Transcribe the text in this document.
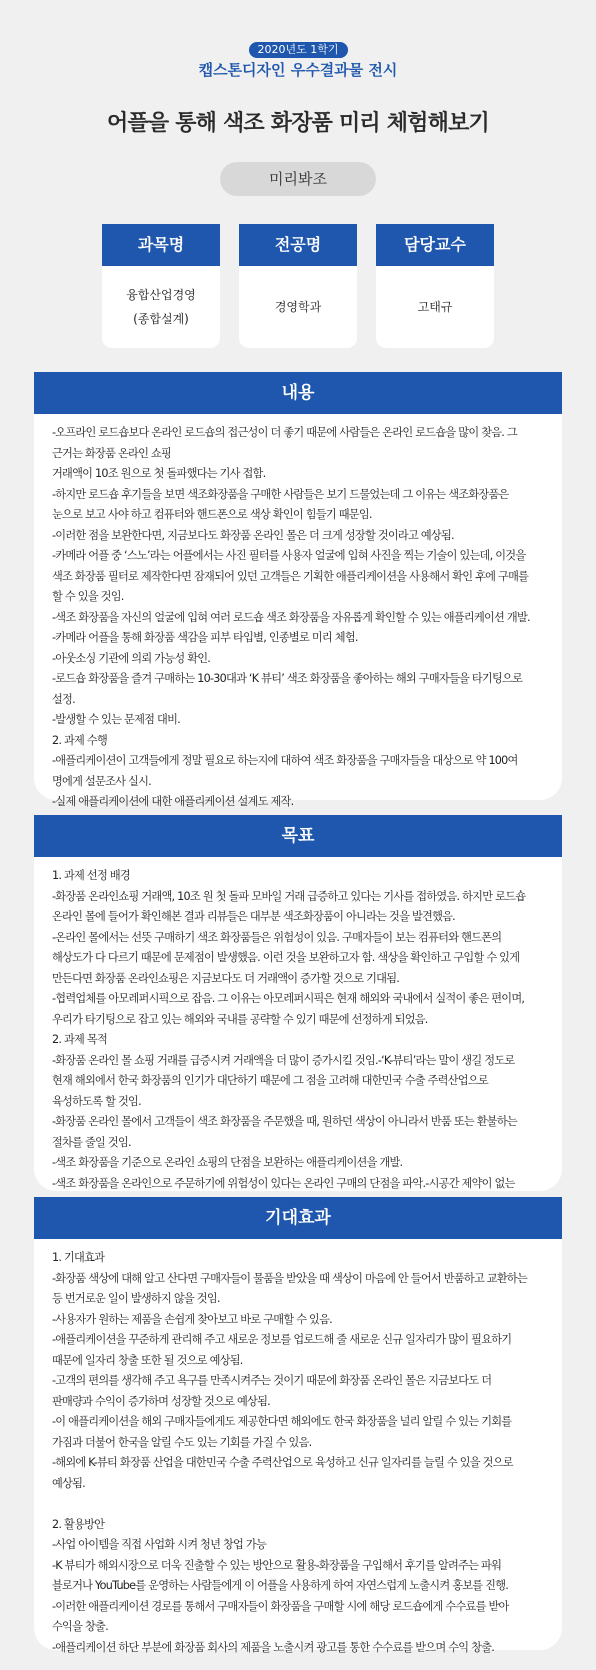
2020년도 1학기
캡스톤디자인 우수결과물 전시
어플을 통해 색조 화장품 미리 체험해보기
미리봐조
과목명
융합산업경영
(종합설계)
전공명
경영학과
담당교수
고태규
내용

-오프라인 로드숍보다 온라인 로드숍의 접근성이 더 좋기 때문에 사람들은 온라인 로드숍을 많이 찾음. 그

근거는 화장품 온라인 쇼핑

거래액이 10조 원으로 첫 돌파했다는 기사 접함.

-하지만 로드숍 후기들을 보면 색조화장품을 구매한 사람들은 보기 드물었는데 그 이유는 색조화장품은

눈으로 보고 사야 하고 컴퓨터와 핸드폰으로 색상 확인이 힘들기 때문임.

-이러한 점을 보완한다면, 지금보다도 화장품 온라인 몰은 더 크게 성장할 것이라고 예상됨.

-카메라 어플 중 ‘스노’라는 어플에서는 사진 필터를 사용자 얼굴에 입혀 사진을 찍는 기술이 있는데, 이것을

색조 화장품 필터로 제작한다면 잠재되어 있던 고객들은 기획한 애플리케이션을 사용해서 확인 후에 구매를

할 수 있을 것임.

-색조 화장품을 자신의 얼굴에 입혀 여러 로드숍 색조 화장품을 자유롭게 확인할 수 있는 애플리케이션 개발.

-카메라 어플을 통해 화장품 색감을 피부 타입별, 인종별로 미리 체험.

-아웃소싱 기관에 의뢰 가능성 확인.

-로드숍 화장품을 즐겨 구매하는 10-30대과 ‘K 뷰티’ 색조 화장품을 좋아하는 해외 구매자들을 타기팅으로

설정.

-발생할 수 있는 문제점 대비.

2. 과제 수행

-애플리케이션이 고객들에게 정말 필요로 하는지에 대하여 색조 화장품을 구매자들을 대상으로 약 100여

명에게 설문조사 실시.

-실제 애플리케이션에 대한 애플리케이션 설계도 제작.

목표

1. 과제 선정 배경

-화장품 온라인쇼핑 거래액, 10조 원 첫 돌파 모바일 거래 급증하고 있다는 기사를 접하였음. 하지만 로드숍

온라인 몰에 들어가 확인해본 결과 리뷰들은 대부분 색조화장품이 아니라는 것을 발견했음.

-온라인 몰에서는 선뜻 구매하기 색조 화장품들은 위험성이 있음. 구매자들이 보는 컴퓨터와 핸드폰의

해상도가 다 다르기 때문에 문제점이 발생했음. 이런 것을 보완하고자 함. 색상을 확인하고 구입할 수 있게

만든다면 화장품 온라인쇼핑은 지금보다도 더 거래액이 증가할 것으로 기대됨.

-협력업체를 아모레퍼시픽으로 잡음. 그 이유는 아모레퍼시픽은 현재 해외와 국내에서 실적이 좋은 편이며,

우리가 타기팅으로 잡고 있는 해외와 국내를 공략할 수 있기 때문에 선정하게 되었음.

2. 과제 목적

-화장품 온라인 몰 쇼핑 거래를 급증시켜 거래액을 더 많이 증가시킬 것임.-‘K-뷰티’라는 말이 생길 정도로

현재 해외에서 한국 화장품의 인기가 대단하기 때문에 그 점을 고려해 대한민국 수출 주력산업으로

육성하도록 할 것임.

-화장품 온라인 몰에서 고객들이 색조 화장품을 주문했을 때, 원하던 색상이 아니라서 반품 또는 환불하는

절차를 줄일 것임.

-색조 화장품을 기준으로 온라인 쇼핑의 단점을 보완하는 애플리케이션을 개발.

-색조 화장품을 온라인으로 주문하기에 위험성이 있다는 온라인 구매의 단점을 파악.-시공간 제약이 없는

기대효과

1. 기대효과

-화장품 색상에 대해 알고 산다면 구매자들이 물품을 받았을 때 색상이 마음에 안 들어서 반품하고 교환하는

등 번거로운 일이 발생하지 않을 것임.

-사용자가 원하는 제품을 손쉽게 찾아보고 바로 구매할 수 있음.

-애플리케이션을 꾸준하게 관리해 주고 새로운 정보를 업로드해 줄 새로운 신규 일자리가 많이 필요하기

때문에 일자리 창출 또한 될 것으로 예상됨.

-고객의 편의를 생각해 주고 욕구를 만족시켜주는 것이기 때문에 화장품 온라인 몰은 지금보다도 더

판매량과 수익이 증가하며 성장할 것으로 예상됨.

-이 애플리케이션을 해외 구매자들에게도 제공한다면 해외에도 한국 화장품을 널리 알릴 수 있는 기회를

가짐과 더불어 한국을 알릴 수도 있는 기회를 가질 수 있음.

-해외에 K-뷰티 화장품 산업을 대한민국 수출 주력산업으로 육성하고 신규 일자리를 늘릴 수 있을 것으로

예상됨.

2. 활용방안

-사업 아이템을 직접 사업화 시켜 청년 창업 가능

-K 뷰티가 해외시장으로 더욱 진출할 수 있는 방안으로 활용-화장품을 구입해서 후기를 알려주는 파워

블로거나 YouTube를 운영하는 사람들에게 이 어플을 사용하게 하여 자연스럽게 노출시켜 홍보를 진행.

-이러한 애플리케이션 경로를 통해서 구매자들이 화장품을 구매할 시에 해당 로드숍에게 수수료를 받아

수익을 창출.

-애플리케이션 하단 부분에 화장품 회사의 제품을 노출시켜 광고를 통한 수수료를 받으며 수익 창출.
